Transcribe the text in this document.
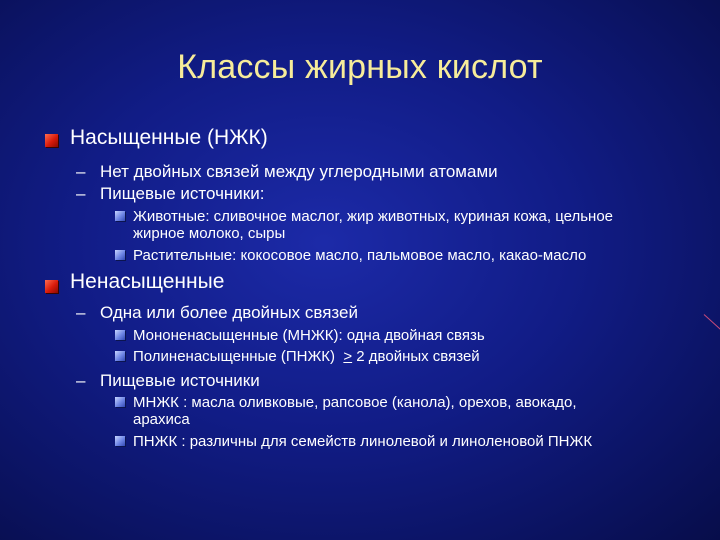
Классы жирных кислот
Насыщенные (НЖК)
– Нет двойных связей между углеродными атомами
– Пищевые источники:
Животные: сливочное маслоr, жир животных, куриная кожа, цельное
жирное молоко, сыры
Растительные: кокосовое масло, пальмовое масло, какао-масло
Ненасыщенные
– Одна или более двойных связей
Мононенасыщенные (МНЖК): одна двойная связь
Полиненасыщенные (ПНЖК)  ≥ 2 двойных связей
– Пищевые источники
МНЖК : масла оливковые, рапсовое (канола), орехов, авокадо,
арахиса
ПНЖК : различны для семейств линолевой и линоленовой ПНЖК
